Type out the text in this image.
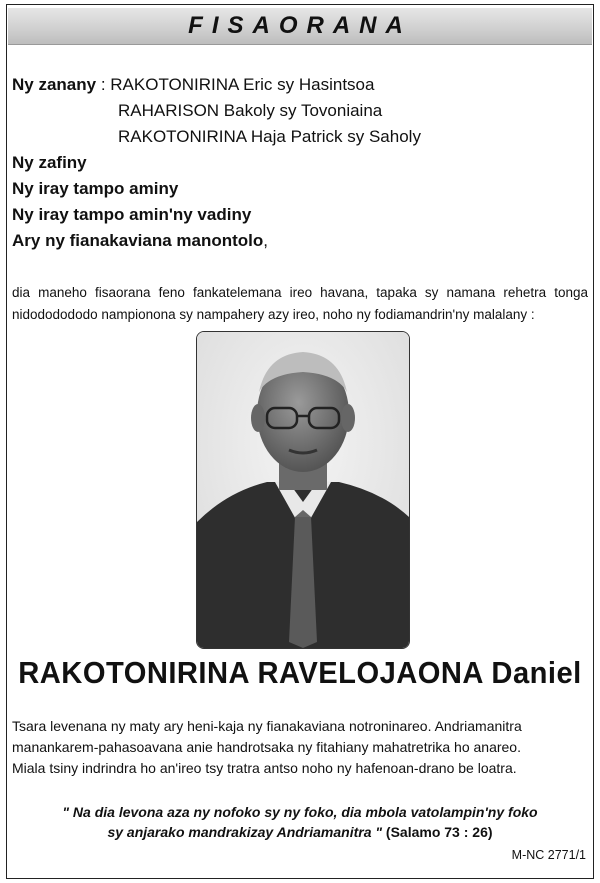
FISAORANA
Ny zanany : RAKOTONIRINA Eric sy Hasintsoa
RAHARISON Bakoly sy Tovoniaina
RAKOTONIRINA Haja Patrick sy Saholy
Ny zafiny
Ny iray tampo aminy
Ny iray tampo amin'ny vadiny
Ary ny fianakaviana manontolo ,
dia maneho fisaorana feno fankatelemana ireo havana, tapaka sy namana rehetra tonga nidododododo nampionona sy nampahery azy ireo, noho ny fodiamandrin'ny malalany :
RAKOTONIRINA RAVELOJAONA Daniel
Tsara levenana ny maty ary heni-kaja ny fianakaviana notroninareo. Andriamanitra
manankarem-pahasoavana anie handrotsaka ny fitahiany mahatretrika ho anareo.
Miala tsiny indrindra ho an'ireo tsy tratra antso noho ny hafenoan-drano be loatra.
" Na dia levona aza ny nofoko sy ny foko, dia mbola vatolampin'ny foko
sy anjarako mandrakizay Andriamanitra " (Salamo 73 : 26)
M-NC 2771/1
